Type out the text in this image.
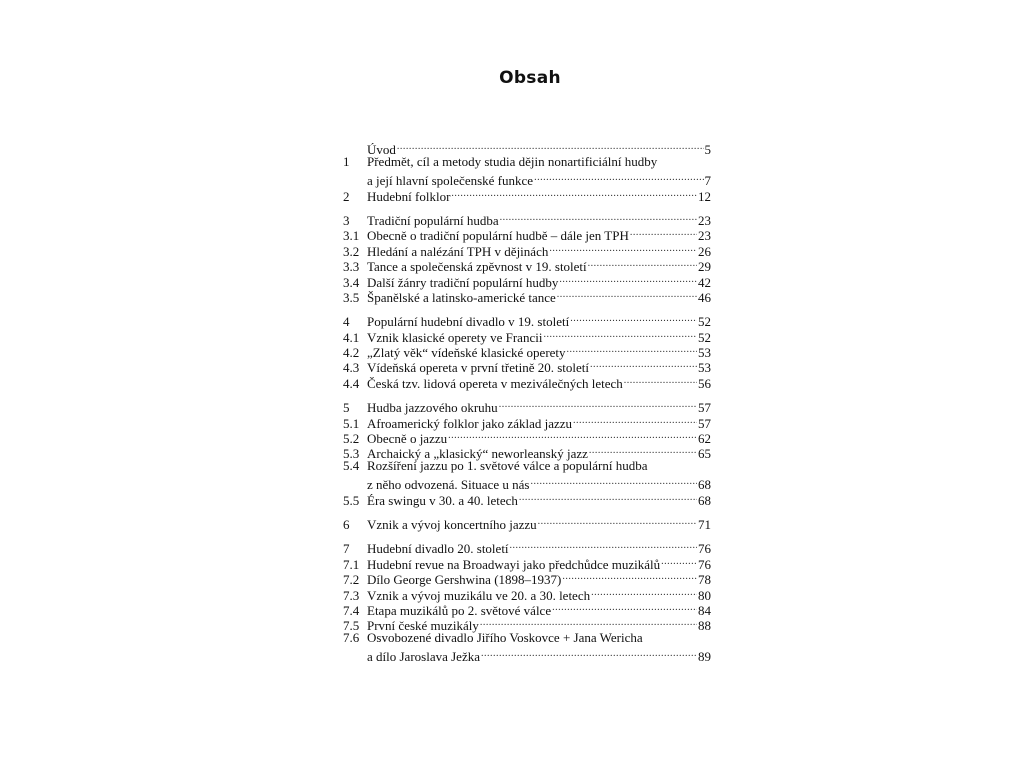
Obsah
Úvod .....	5
1	Předmět, cíl a metody studia dějin nonartificiální hudby
a její hlavní společenské funkce .....	7
2	Hudební folklor .....	12
3	Tradiční populární hudba .....	23
3.1 Obecně o tradiční populární hudbě – dále jen TPH .....	23
3.2 Hledání a nalézání TPH v dějinách .....	26
3.3 Tance a společenská zpěvnost v 19. století .....	29
3.4 Další žánry tradiční populární hudby .....	42
3.5 Španělské a latinsko-americké tance .....	46
4	Populární hudební divadlo v 19. století .....	52
4.1 Vznik klasické operety ve Francii .....	52
4.2 „Zlatý věk“ vídeňské klasické operety .....	53
4.3 Vídeňská opereta v první třetině 20. století .....	53
4.4 Česká tzv. lidová opereta v meziválečných letech .....	56
5	Hudba jazzového okruhu .....	57
5.1 Afroamerický folklor jako základ jazzu .....	57
5.2 Obecně o jazzu .....	62
5.3 Archaický a „klasický“ neworleanský jazz .....	65
5.4 Rozšíření jazzu po 1. světové válce a populární hudba
z něho odvozená. Situace u nás .....	68
5.5 Éra swingu v 30. a 40. letech .....	68
6	Vznik a vývoj koncertního jazzu .....	71
7	Hudební divadlo 20. století .....	76
7.1 Hudební revue na Broadwayi jako předchůdce muzikálů .....	76
7.2 Dílo George Gershwina (1898–1937) .....	78
7.3 Vznik a vývoj muzikálu ve 20. a 30. letech .....	80
7.4 Etapa muzikálů po 2. světové válce .....	84
7.5 První české muzikály .....	88
7.6 Osvobozené divadlo Jiřího Voskovce + Jana Wericha
a dílo Jaroslava Ježka .....	89
